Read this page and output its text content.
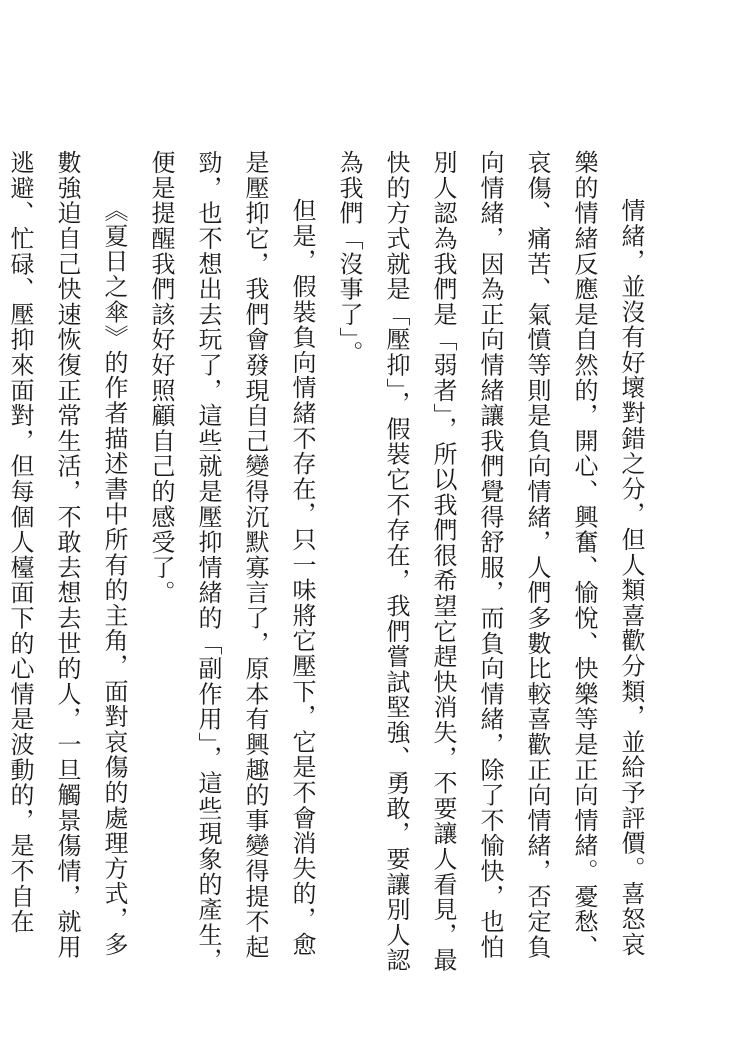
情緒，並沒有好壞對錯之分，但人類喜歡分類，並給予評價。喜怒哀樂的情緒反應是自然的，開心、興奮、愉悅、快樂等是正向情緒。憂愁、哀傷、痛苦、氣憤等則是負向情緒，人們多數比較喜歡正向情緒，否定負向情緒，因為正向情緒讓我們覺得舒服，而負向情緒，除了不愉快，也怕別人認為我們是「弱者」，所以我們很希望它趕快消失，不要讓人看見，最快的方式就是「壓抑」，假裝它不存在，我們嘗試堅強、勇敢，要讓別人認為我們「沒事了」。

但是，假裝負向情緒不存在，只一味將它壓下，它是不會消失的，愈是壓抑它，我們會發現自己變得沉默寡言了，原本有興趣的事變得提不起勁，也不想出去玩了，這些就是壓抑情緒的「副作用」，這些現象的產生，便是提醒我們該好好照顧自己的感受了。

《夏日之傘》的作者描述書中所有的主角，面對哀傷的處理方式，多數強迫自己快速恢復正常生活，不敢去想去世的人，一旦觸景傷情，就用逃避、忙碌、壓抑來面對，但每個人檯面下的心情是波動的，是不自在
